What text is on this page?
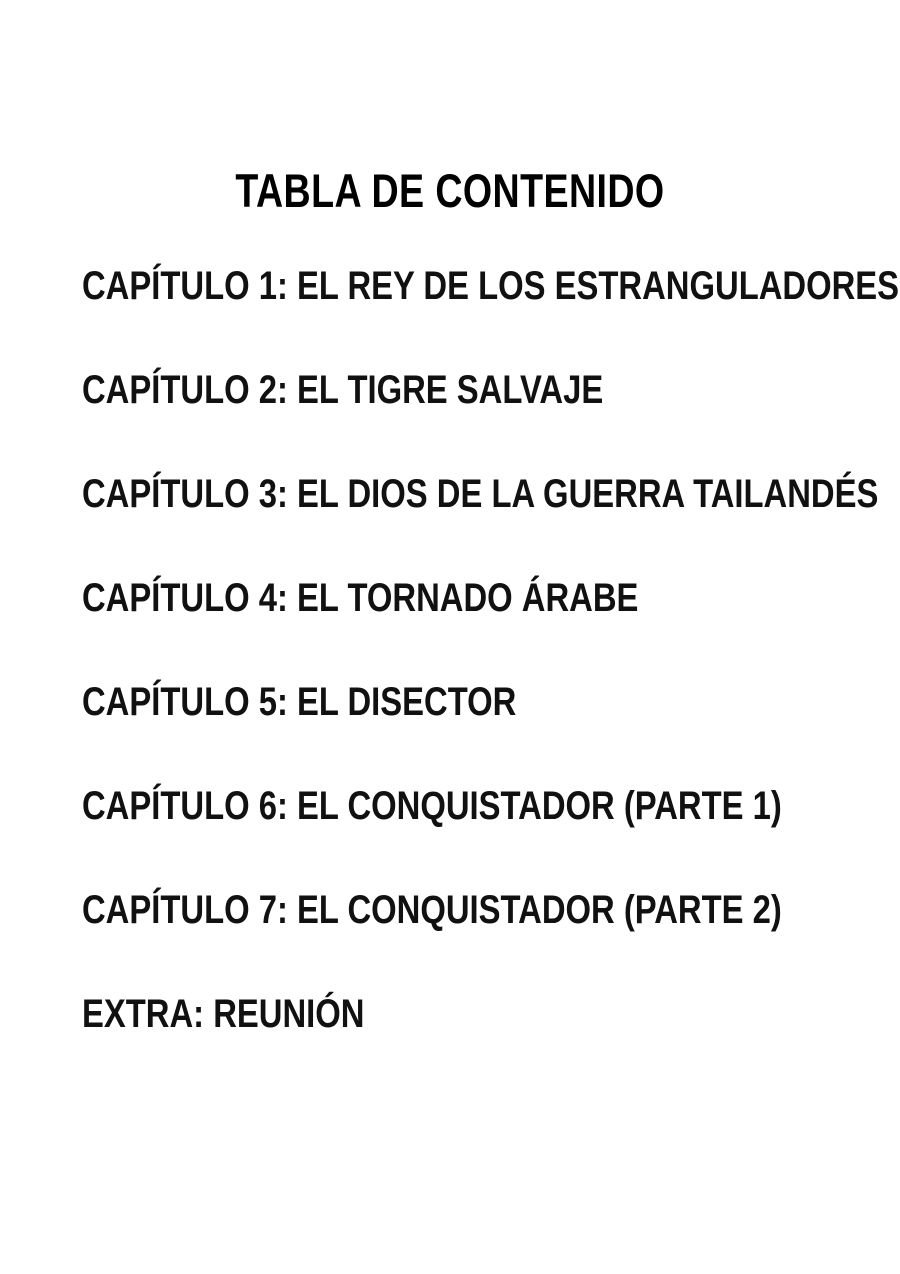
TABLA DE CONTENIDO
CAPÍTULO 1: EL REY DE LOS ESTRANGULADORES
CAPÍTULO 2: EL TIGRE SALVAJE
CAPÍTULO 3: EL DIOS DE LA GUERRA TAILANDÉS
CAPÍTULO 4: EL TORNADO ÁRABE
CAPÍTULO 5: EL DISECTOR
CAPÍTULO 6: EL CONQUISTADOR (PARTE 1)
CAPÍTULO 7: EL CONQUISTADOR (PARTE 2)
EXTRA: REUNIÓN
